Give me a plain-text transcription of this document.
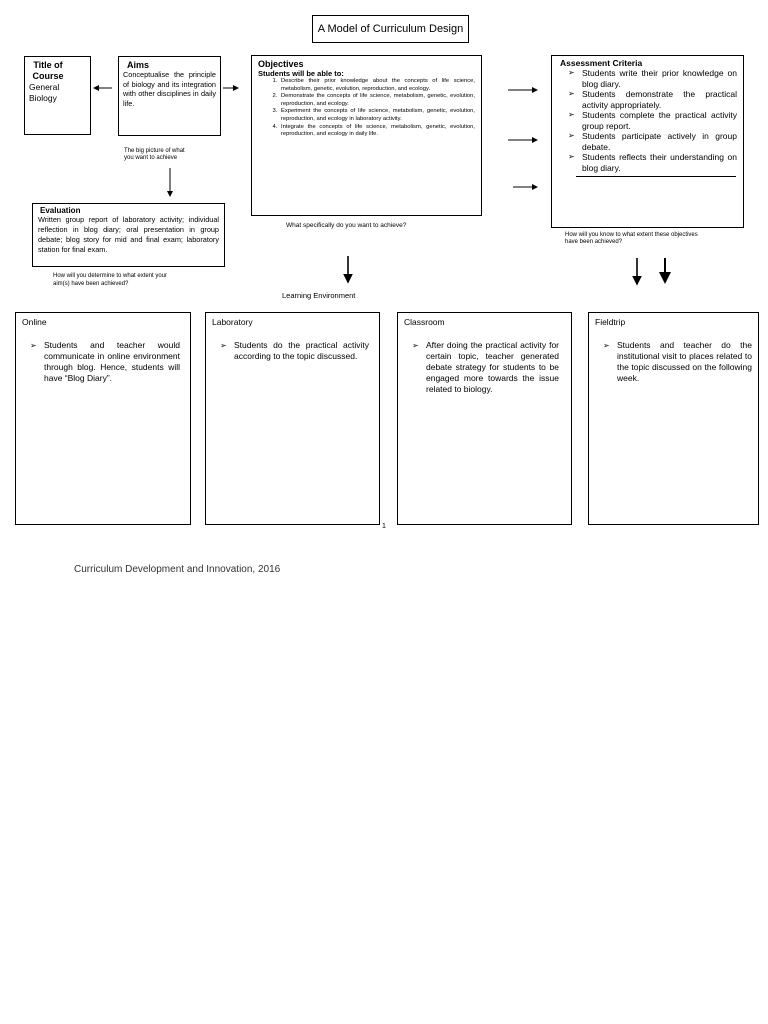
A Model of Curriculum Design
Title of Course
General Biology
Aims
Conceptualise the principle of biology and its integration with other disciplines in daily life.
The big picture of what you want to achieve
Objectives
Students will be able to:
1. Describe their prior knowledge about the concepts of life science, metabolism, genetic, evolution, reproduction, and ecology.
2. Demonstrate the concepts of life science, metabolism, genetic, evolution, reproduction, and ecology.
3. Experiment the concepts of life science, metabolism, genetic, evolution, reproduction, and ecology in laboratory activity.
4. Integrate the concepts of life science, metabolism, genetic, evolution, reproduction, and ecology in daily life.
What specifically do you want to achieve?
Assessment Criteria
➢ Students write their prior knowledge on blog diary.
➢ Students demonstrate the practical activity appropriately.
➢ Students complete the practical activity group report.
➢ Students participate actively in group debate.
➢ Students reflects their understanding on blog diary.
How will you know to what extent these objectives have been achieved?
Evaluation
Written group report of laboratory activity; individual reflection in blog diary; oral presentation in group debate; blog story for mid and final exam; laboratory station for final exam.
How will you determine to what extent your aim(s) have been achieved?
Learning Environment
Online
➢ Students and teacher would communicate in online environment through blog. Hence, students will have “Blog Diary”.
Laboratory
➢ Students do the practical activity according to the topic discussed.
Classroom
➢ After doing the practical activity for certain topic, teacher generated debate strategy for students to be engaged more towards the issue related to biology.
Fieldtrip
➢ Students and teacher do the institutional visit to places related to the topic discussed on the following week.
1
Curriculum Development and Innovation, 2016
